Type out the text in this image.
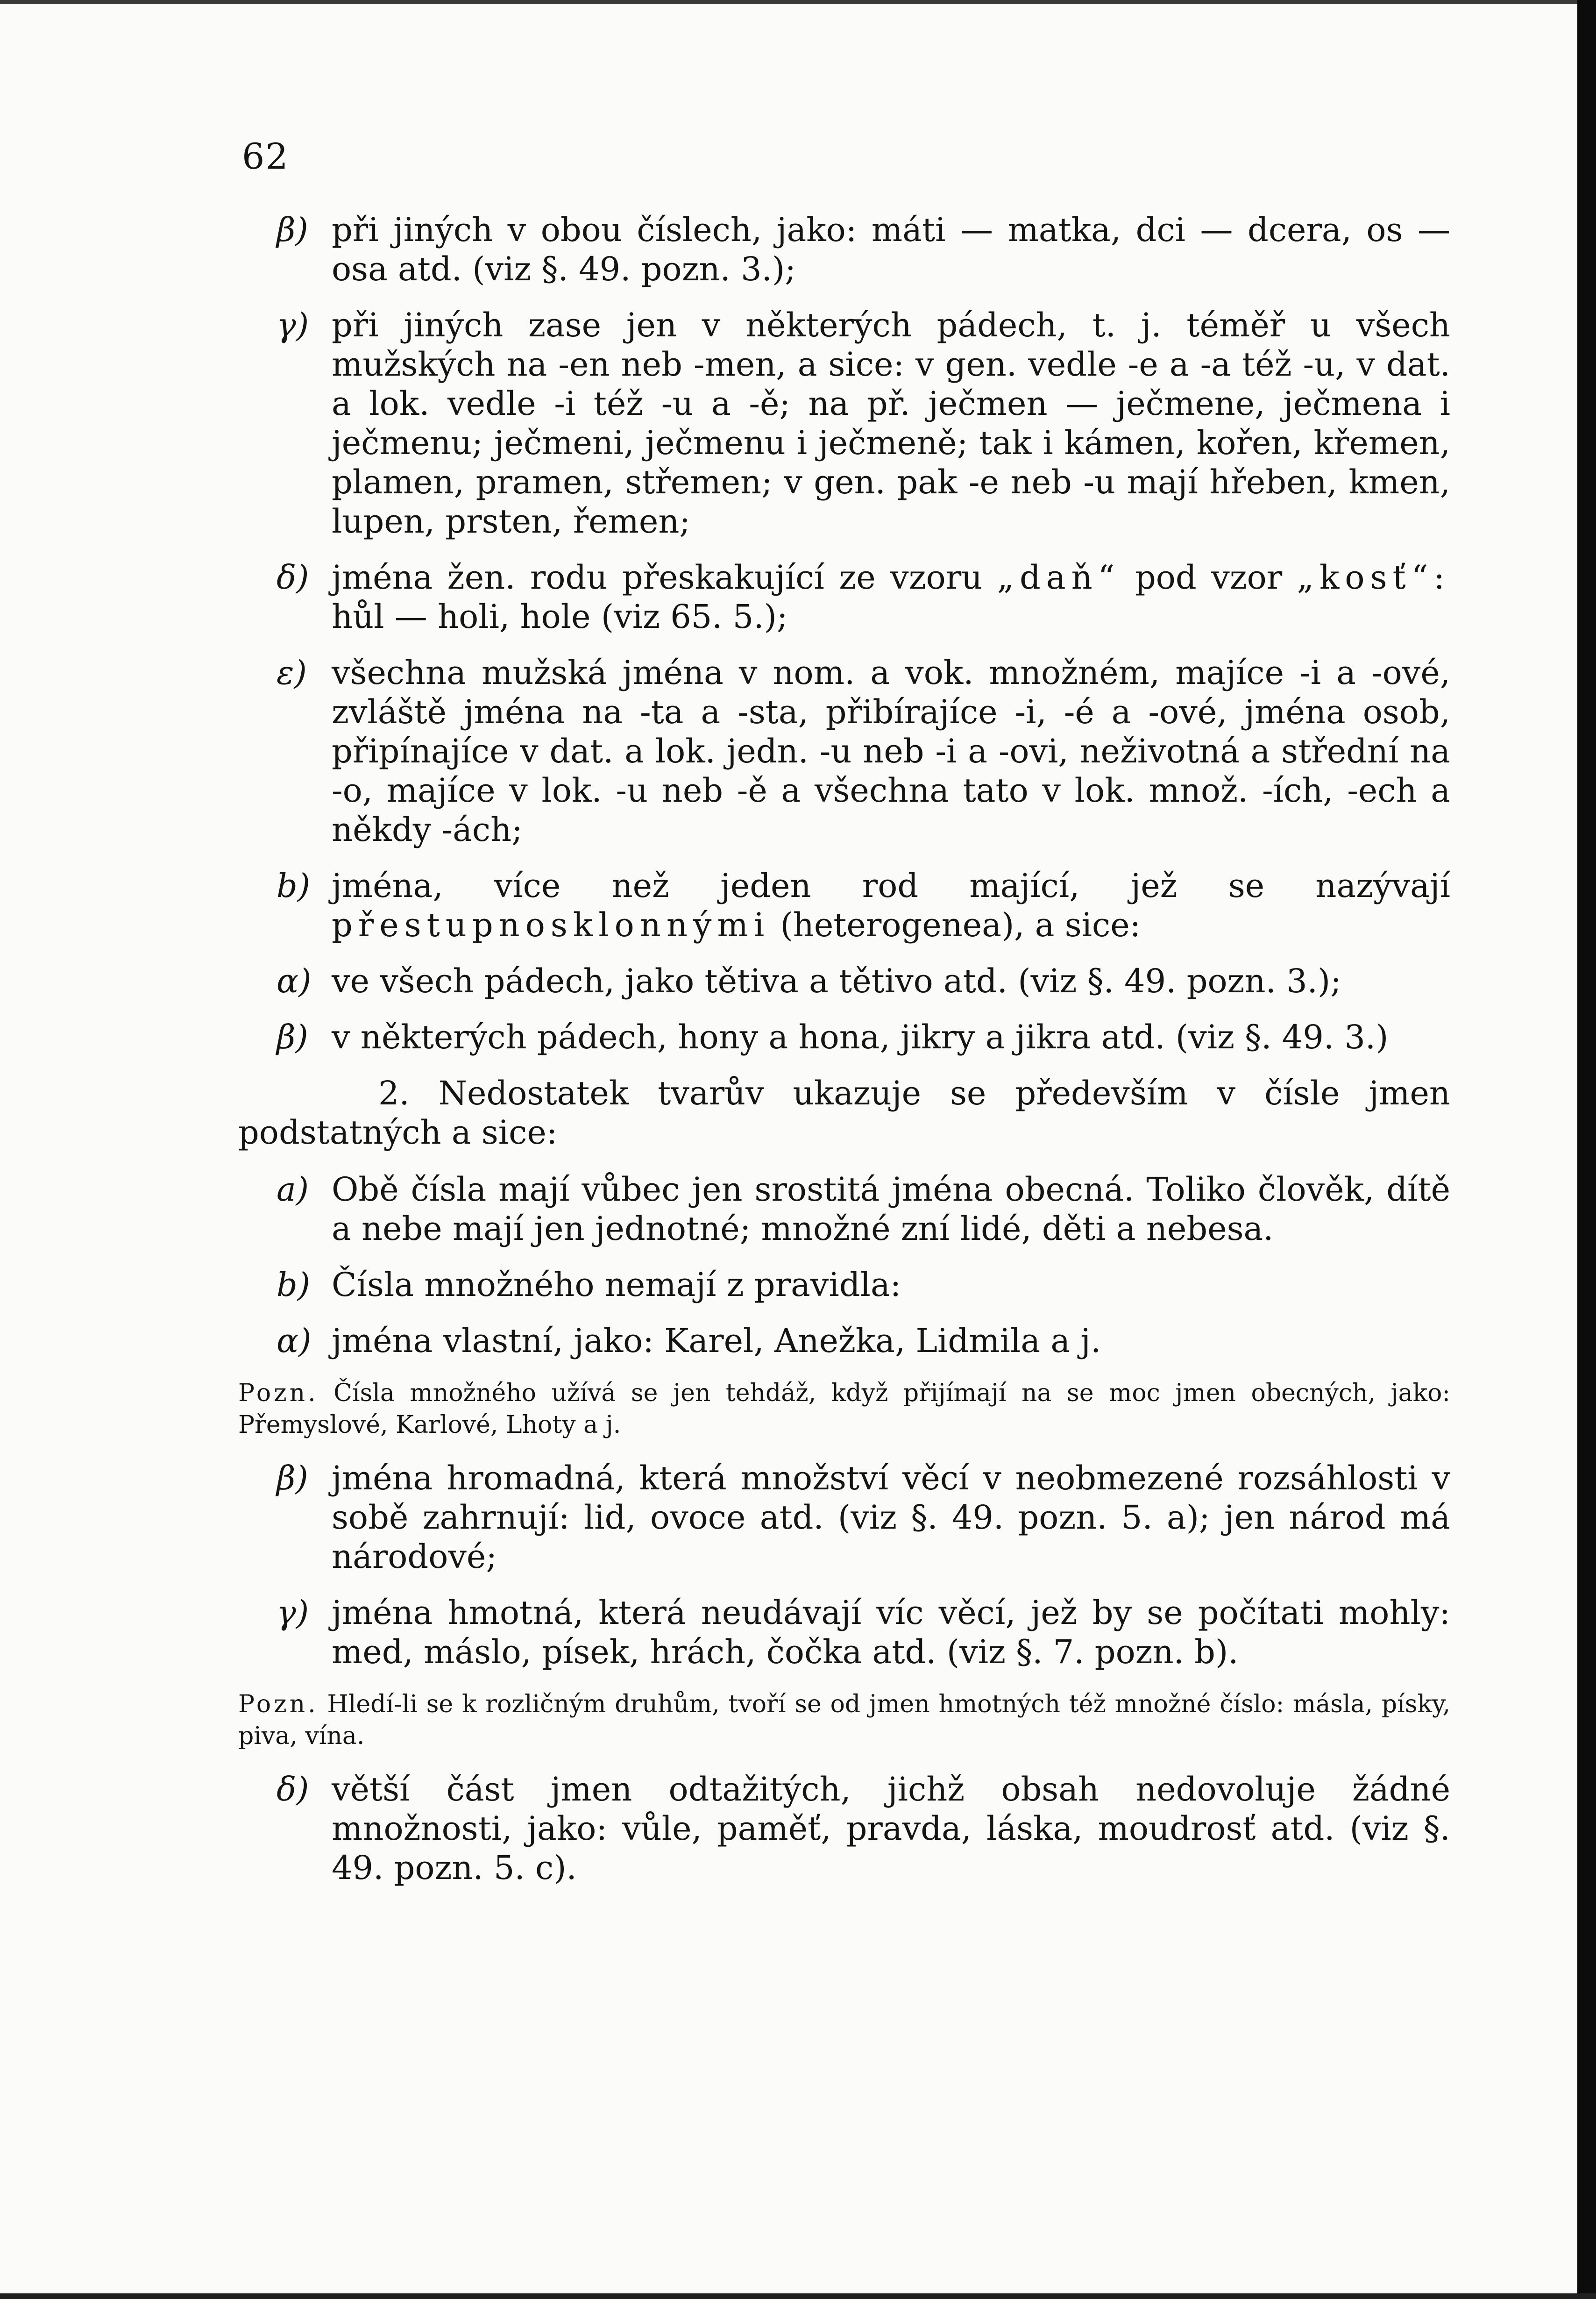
62
β) při jiných v obou číslech, jako: máti — matka, dci — dcera, os — osa atd. (viz §. 49. pozn. 3.);
γ) při jiných zase jen v některých pádech, t. j. téměř u všech mužských na -en neb -men, a sice: v gen. vedle -e a -a též -u, v dat. a lok. vedle -i též -u a -ě; na př. ječmen — ječmene, ječmena i ječmenu; ječmeni, ječmenu i ječmeně; tak i kámen, kořen, křemen, plamen, pramen, střemen; v gen. pak -e neb -u mají hřeben, kmen, lupen, prsten, řemen;
δ) jména žen. rodu přeskakující ze vzoru „daň“ pod vzor „kosť“: hůl — holi, hole (viz 65. 5.);
ε) všechna mužská jména v nom. a vok. množném, majíce -i a -ové, zvláště jména na -ta a -sta, přibírajíce -i, -é a -ové, jména osob, připínajíce v dat. a lok. jedn. -u neb -i a -ovi, neživotná a střední na -o, majíce v lok. -u neb -ě a všechna tato v lok. množ. -ích, -ech a někdy -ách;
b) jména, více než jeden rod mající, jež se nazývají přestupnosklonnými (heterogenea), a sice:
α) ve všech pádech, jako tětiva a tětivo atd. (viz §. 49. pozn. 3.);
β) v některých pádech, hony a hona, jikry a jikra atd. (viz §. 49. 3.)
2. Nedostatek tvarův ukazuje se především v čísle jmen podstatných a sice:
a) Obě čísla mají vůbec jen srostitá jména obecná. Toliko člověk, dítě a nebe mají jen jednotné; množné zní lidé, děti a nebesa.
b) Čísla množného nemají z pravidla:
α) jména vlastní, jako: Karel, Anežka, Lidmila a j.
Pozn. Čísla množného užívá se jen tehdáž, když přijímají na se moc jmen obecných, jako: Přemyslové, Karlové, Lhoty a j.
β) jména hromadná, která množství věcí v neobmezené rozsáhlosti v sobě zahrnují: lid, ovoce atd. (viz §. 49. pozn. 5. a); jen národ má národové;
γ) jména hmotná, která neudávají víc věcí, jež by se počítati mohly: med, máslo, písek, hrách, čočka atd. (viz §. 7. pozn. b).
Pozn. Hledí-li se k rozličným druhům, tvoří se od jmen hmotných též množné číslo: másla, písky, piva, vína.
δ) větší část jmen odtažitých, jichž obsah nedovoluje žádné množnosti, jako: vůle, paměť, pravda, láska, moudrosť atd. (viz §. 49. pozn. 5. c).
